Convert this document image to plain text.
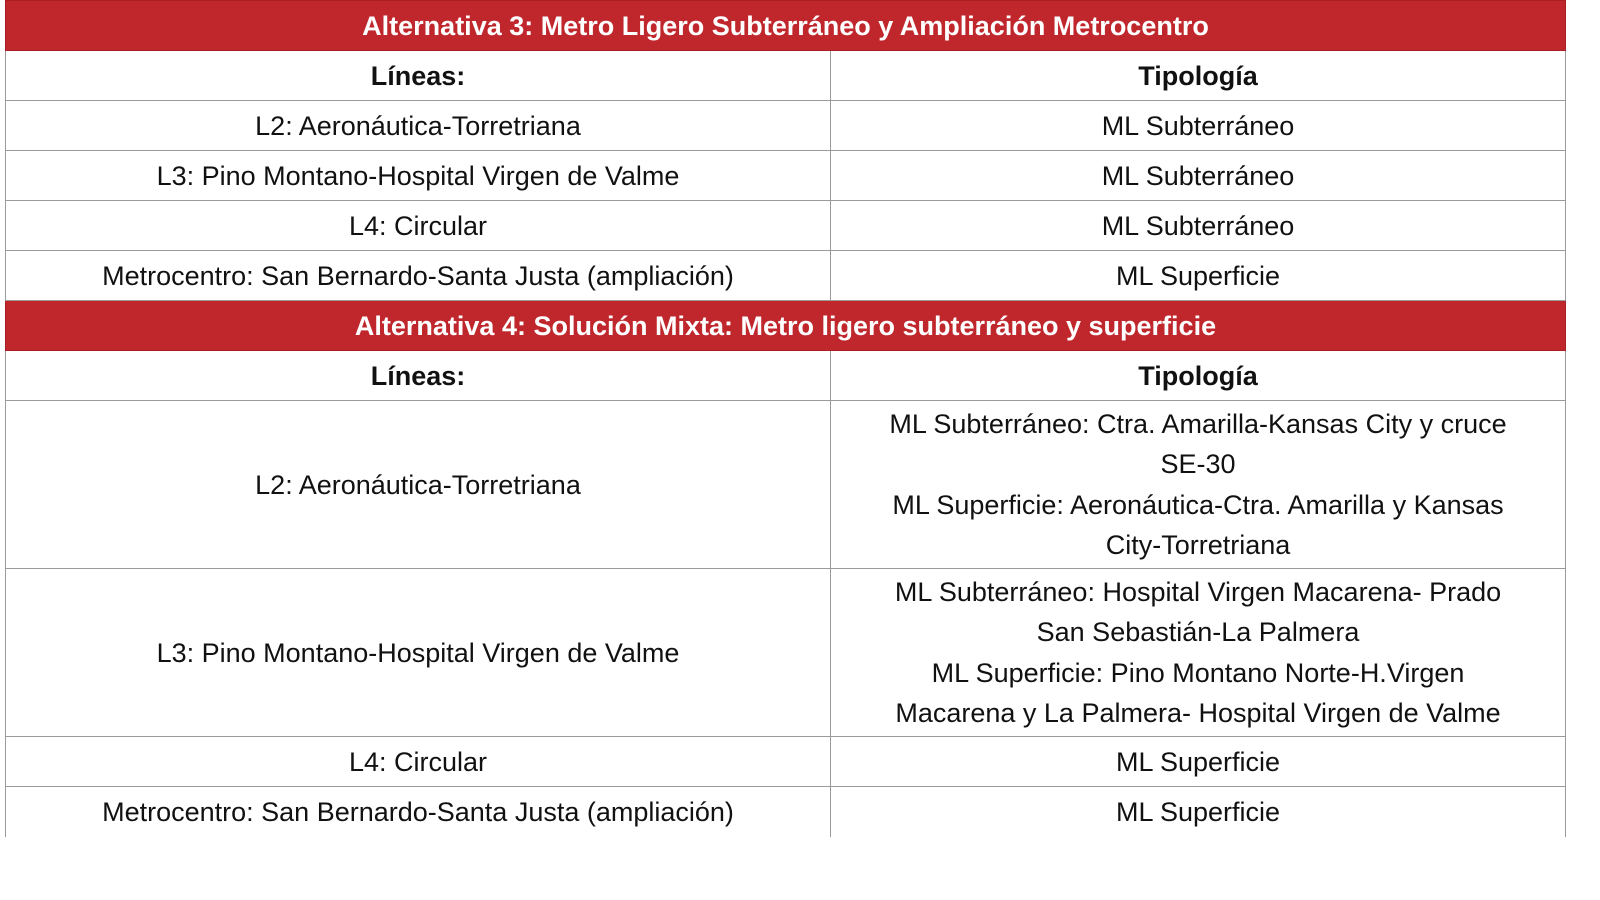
Alternativa 3: Metro Ligero Subterráneo y Ampliación Metrocentro	
Líneas:	Tipología
L2: Aeronáutica-Torretriana	ML Subterráneo
L3: Pino Montano-Hospital Virgen de Valme	ML Subterráneo
L4: Circular	ML Subterráneo
Metrocentro: San Bernardo-Santa Justa (ampliación)	ML Superficie
Alternativa 4: Solución Mixta: Metro ligero subterráneo y superficie	
Líneas:	Tipología
L2: Aeronáutica-Torretriana	ML Subterráneo: Ctra. Amarilla-Kansas City y cruce
SE-30
ML Superficie: Aeronáutica-Ctra. Amarilla y Kansas
City-Torretriana

L3: Pino Montano-Hospital Virgen de Valme	ML Subterráneo: Hospital Virgen Macarena- Prado
San Sebastián-La Palmera
ML Superficie: Pino Montano Norte-H.Virgen
Macarena y La Palmera- Hospital Virgen de Valme

L4: Circular	ML Superficie
Metrocentro: San Bernardo-Santa Justa (ampliación)	ML Superficie
